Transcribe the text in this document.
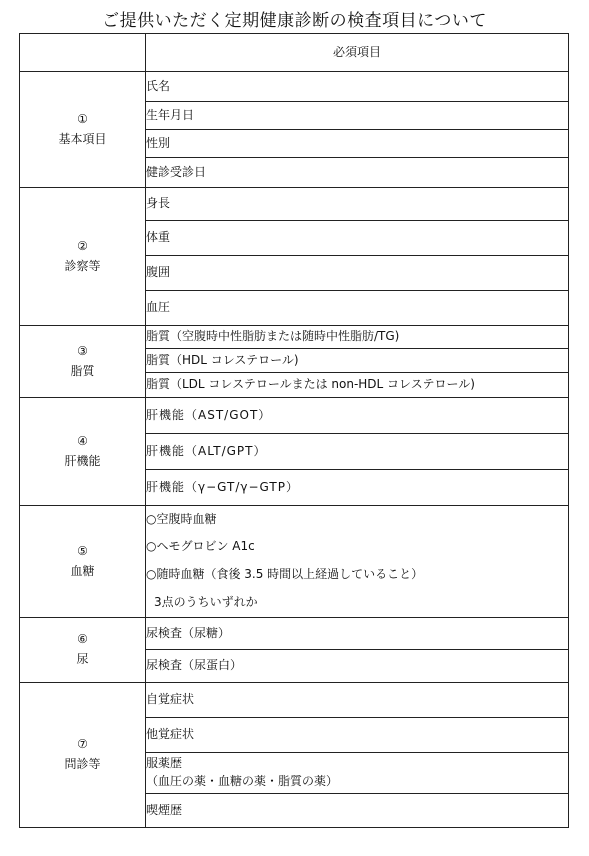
ご提供いただく定期健康診断の検査項目について
	必須項目

①
基本項目	氏名
	生年月日
	性別
	健診受診日

②
診察等	身長
	体重
	腹囲
	血圧

③
脂質	脂質（空腹時中性脂肪または随時中性脂肪/TG)
	脂質（HDL コレステロール)
	脂質（LDL コレステロールまたは non-HDL コレステロール)

④
肝機能	肝機能（AST/GOT）
	肝機能（ALT/GPT）
	肝機能（γ−GT/γ−GTP）

⑤
血糖	○空腹時血糖
	○ヘモグロビン A1c
	○随時血糖（食後 3.5 時間以上経過していること）
	3点のうちいずれか

⑥
尿	尿検査（尿糖）
	尿検査（尿蛋白）

⑦
問診等	自覚症状
	他覚症状

	服薬歴
（血圧の薬・血糖の薬・脂質の薬）

	喫煙歴
